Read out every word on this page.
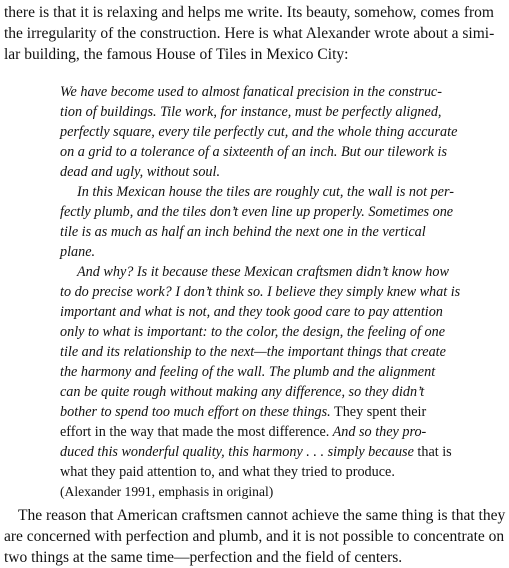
there is that it is relaxing and helps me write. Its beauty, somehow, comes from

the irregularity of the construction. Here is what Alexander wrote about a simi-

lar building, the famous House of Tiles in Mexico City:

We have become used to almost fanatical precision in the construc-

tion of buildings. Tile work, for instance, must be perfectly aligned,

perfectly square, every tile perfectly cut, and the whole thing accurate

on a grid to a tolerance of a sixteenth of an inch. But our tilework is

dead and ugly, without soul.

In this Mexican house the tiles are roughly cut, the wall is not per-

fectly plumb, and the tiles don’t even line up properly. Sometimes one

tile is as much as half an inch behind the next one in the vertical

plane.

And why? Is it because these Mexican craftsmen didn’t know how

to do precise work? I don’t think so. I believe they simply knew what is

important and what is not, and they took good care to pay attention

only to what is important: to the color, the design, the feeling of one

tile and its relationship to the next—the important things that create

the harmony and feeling of the wall. The plumb and the alignment

can be quite rough without making any difference, so they didn’t

bother to spend too much effort on these things. They spent their

effort in the way that made the most difference. And so they pro-

duced this wonderful quality, this harmony . . . simply because that is

what they paid attention to, and what they tried to produce.

(Alexander 1991, emphasis in original)

The reason that American craftsmen cannot achieve the same thing is that they

are concerned with perfection and plumb, and it is not possible to concentrate on

two things at the same time—perfection and the field of centers.
